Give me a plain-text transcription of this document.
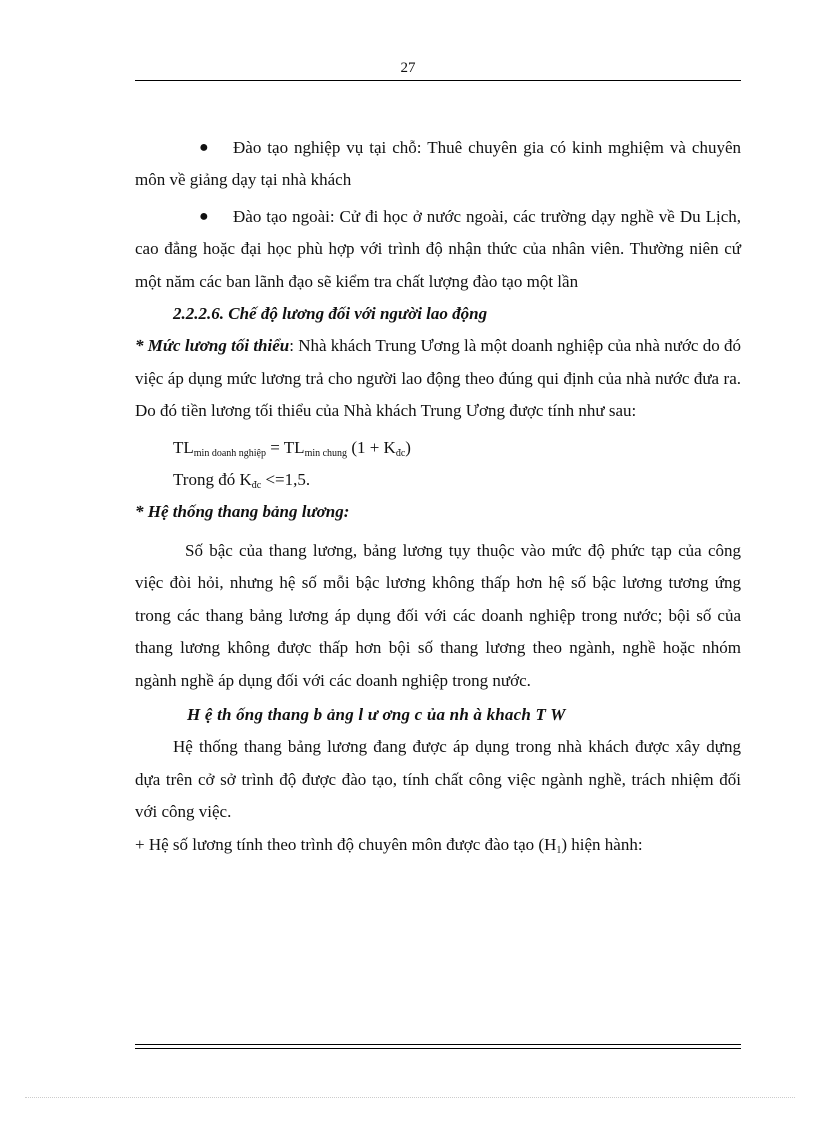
27

● Đào tạo nghiệp vụ tại chỗ: Thuê chuyên gia có kinh mghiệm và chuyên môn về giảng dạy tại nhà khách

● Đào tạo ngoài: Cử đi học ở nước ngoài, các trường dạy nghề về Du Lịch, cao đẳng hoặc đại học phù hợp với trình độ nhận thức của nhân viên. Thường niên cứ một năm các ban lãnh đạo sẽ kiểm tra chất lượng đào tạo một lần

2.2.2.6. Chế độ lương đối với người lao động

* Mức lương tối thiểu: Nhà khách Trung Ương là một doanh nghiệp của nhà nước do đó việc áp dụng mức lương trả cho người lao động theo đúng qui định của nhà nước đưa ra. Do đó tiền lương tối thiểu của Nhà khách Trung Ương được tính như sau:

$TL_{min doanh nghiệp} = TL_{min chung}$ $(1 + K_{đc})$

Trong đó $K_{đc} <=1,5$.

* Hệ thống thang bảng lương:

Số bậc của thang lương, bảng lương tụy thuộc vào mức độ phức tạp của công việc đòi hỏi, nhưng hệ số mỗi bậc lương không thấp hơn hệ số bậc lương tương ứng trong các thang bảng lương áp dụng đối với các doanh nghiệp trong nước; bội số của thang lương không được thấp hơn bội số thang lương theo ngành, nghề hoặc nhóm ngành nghề áp dụng đối với các doanh nghiệp trong nước.

H ệ th ống thang b ảng l ư ơng c ủa nh à khach T W

Hệ thống thang bảng lương đang được áp dụng trong nhà khách được xây dựng dựa trên cở sở trình độ được đào tạo, tính chất công việc ngành nghề, trách nhiệm đối với công việc.

+ Hệ số lương tính theo trình độ chuyên môn được đào tạo $(H_1)$ hiện hành:
